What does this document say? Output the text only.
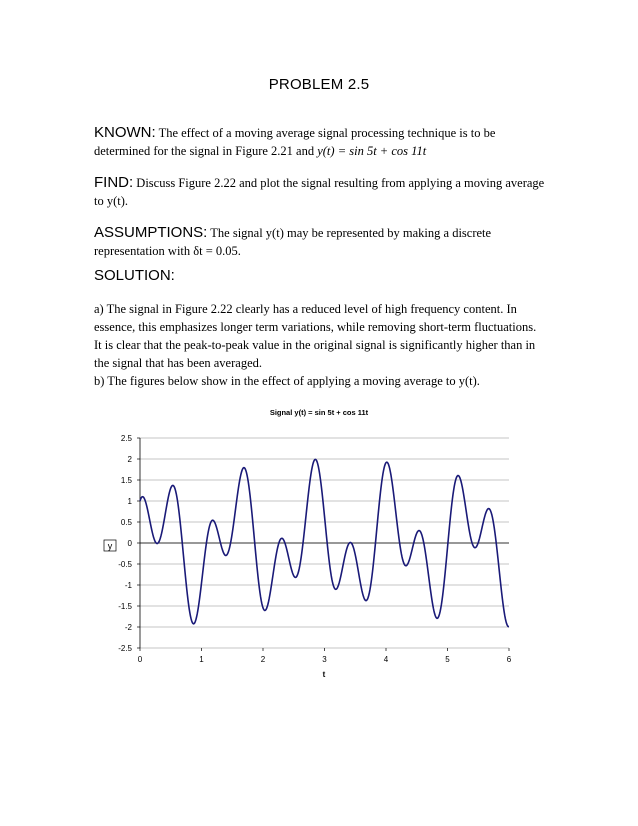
PROBLEM 2.5
KNOWN: The effect of a moving average signal processing technique is to be
determined for the signal in Figure 2.21 and y(t) = sin 5t + cos 11t
FIND: Discuss Figure 2.22 and plot the signal resulting from applying a moving average
to y(t).
ASSUMPTIONS: The signal y(t) may be represented by making a discrete
representation with δt = 0.05.
SOLUTION:
a) The signal in Figure 2.22 clearly has a reduced level of high frequency content. In
essence, this emphasizes longer term variations, while removing short-term fluctuations.
It is clear that the peak-to-peak value in the original signal is significantly higher than in
the signal that has been averaged.
b) The figures below show in the effect of applying a moving average to y(t).
Signal y(t) = sin 5t + cos 11t
2.5
2
1.5
1
0.5
0
-0.5
-1
-1.5
-2
-2.5
0	1	2	3	4	5	6
y
t
